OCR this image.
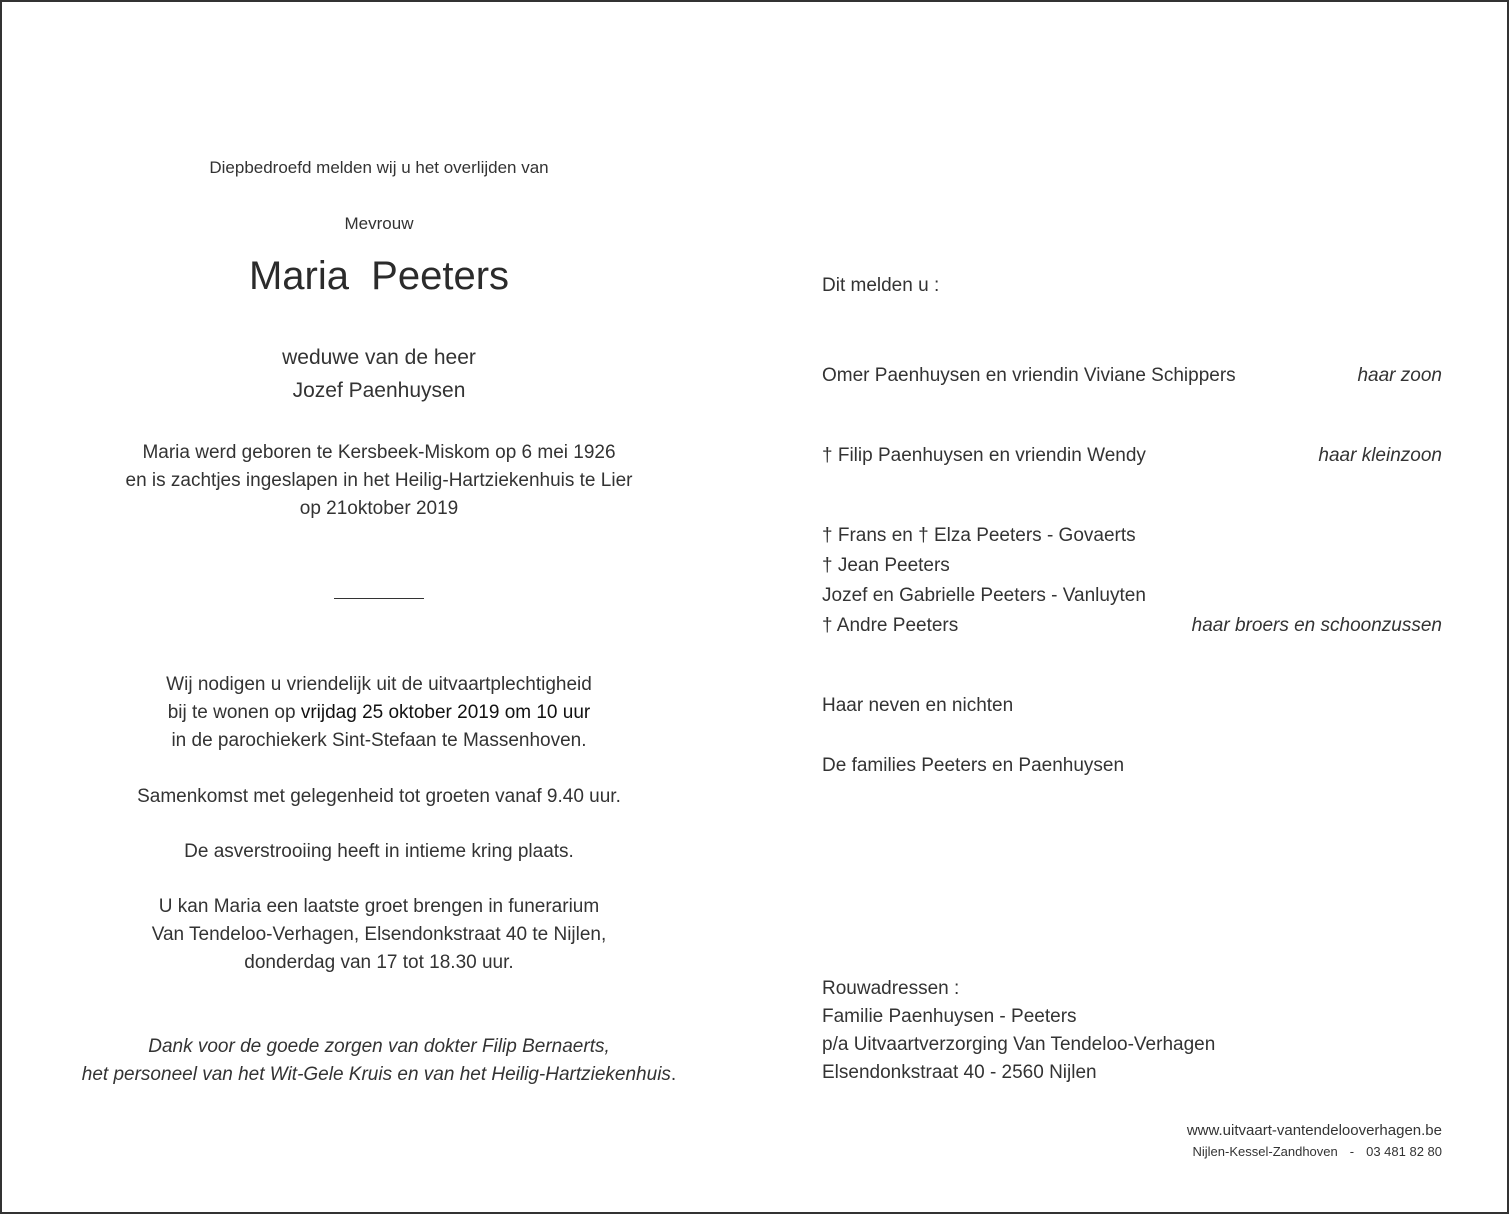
Diepbedroefd melden wij u het overlijden van
Mevrouw
Maria  Peeters
weduwe van de heer
Jozef Paenhuysen
Maria werd geboren te Kersbeek-Miskom op 6 mei 1926
en is zachtjes ingeslapen in het Heilig-Hartziekenhuis te Lier
op 21oktober 2019
Wij nodigen u vriendelijk uit de uitvaartplechtigheid
bij te wonen op vrijdag 25 oktober 2019 om 10 uur
in de parochiekerk Sint-Stefaan te Massenhoven.
Samenkomst met gelegenheid tot groeten vanaf 9.40 uur.
De asverstrooiing heeft in intieme kring plaats.
U kan Maria een laatste groet brengen in funerarium
Van Tendeloo-Verhagen, Elsendonkstraat 40 te Nijlen,
donderdag van 17 tot 18.30 uur.
Dank voor de goede zorgen van dokter Filip Bernaerts,
het personeel van het Wit-Gele Kruis en van het Heilig-Hartziekenhuis.
Dit melden u :
Omer Paenhuysen en vriendin Viviane Schippers	haar zoon
† Filip Paenhuysen en vriendin Wendy	haar kleinzoon
† Frans en † Elza Peeters - Govaerts
† Jean Peeters
Jozef en Gabrielle Peeters - Vanluyten
† Andre Peeters	haar broers en schoonzussen
Haar neven en nichten
De families Peeters en Paenhuysen
Rouwadressen :
Familie Paenhuysen - Peeters
p/a Uitvaartverzorging Van Tendeloo-Verhagen
Elsendonkstraat 40 - 2560 Nijlen
www.uitvaart-vantendelooverhagen.be
Nijlen-Kessel-Zandhoven - 03 481 82 80
